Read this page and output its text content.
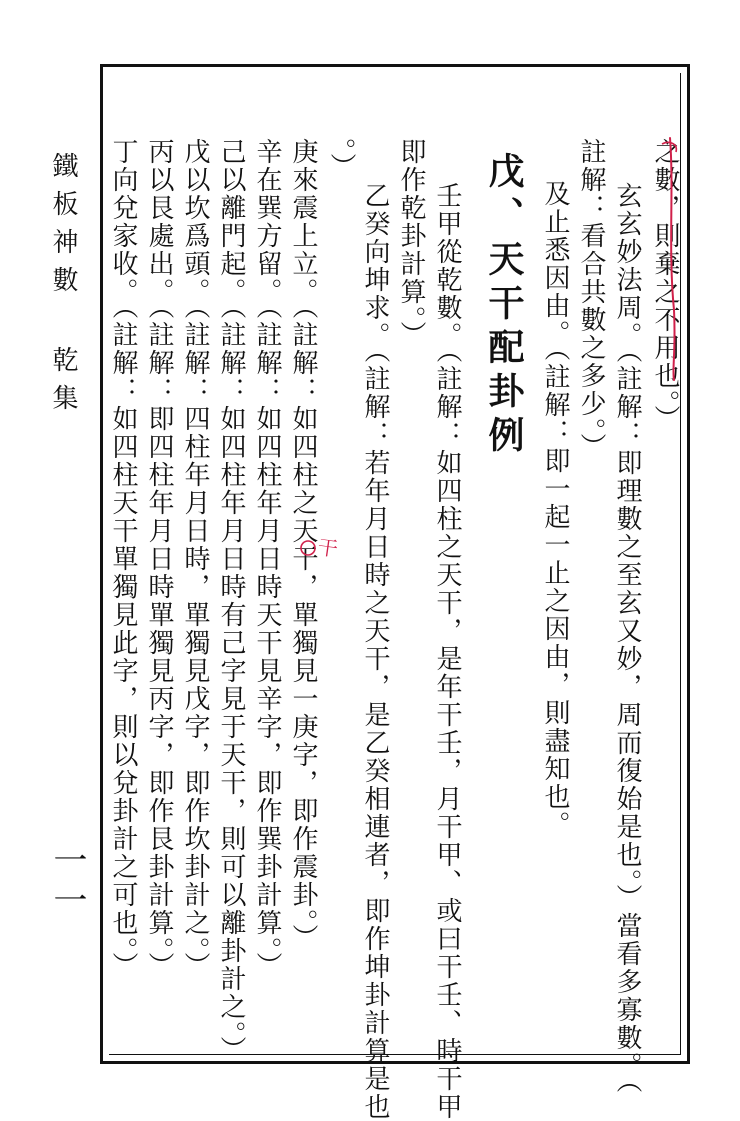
鐵板神數 乾集
一一
之數，則棄之不用也。）
玄玄妙法周。（註解：即理數之至玄又妙，周而復始是也。）當看多寡數。（
註解：看合共數之多少。）
及止悉因由。（註解：即一起一止之因由，則盡知也。
戊、天干配卦例
壬甲從乾數。（註解：如四柱之天干，是年干壬，月干甲、或曰干壬、時干甲
即作乾卦計算。）
乙癸向坤求。（註解：若年月日時之天干，是乙癸相連者，即作坤卦計算是也
。）
庚來震上立。（註解：如四柱之天干，單獨見一庚字，即作震卦。）
辛在巽方留。（註解：如四柱年月日時天干見辛字，即作巽卦計算。）
己以離門起。（註解：如四柱年月日時有己字見于天干，則可以離卦計之。）
戊以坎爲頭。（註解：四柱年月日時，單獨見戊字，即作坎卦計之。）
丙以艮處出。（註解：即四柱年月日時單獨見丙字，即作艮卦計算。）
丁向兌家收。（註解：如四柱天干單獨見此字，則以兌卦計之可也。）	干
